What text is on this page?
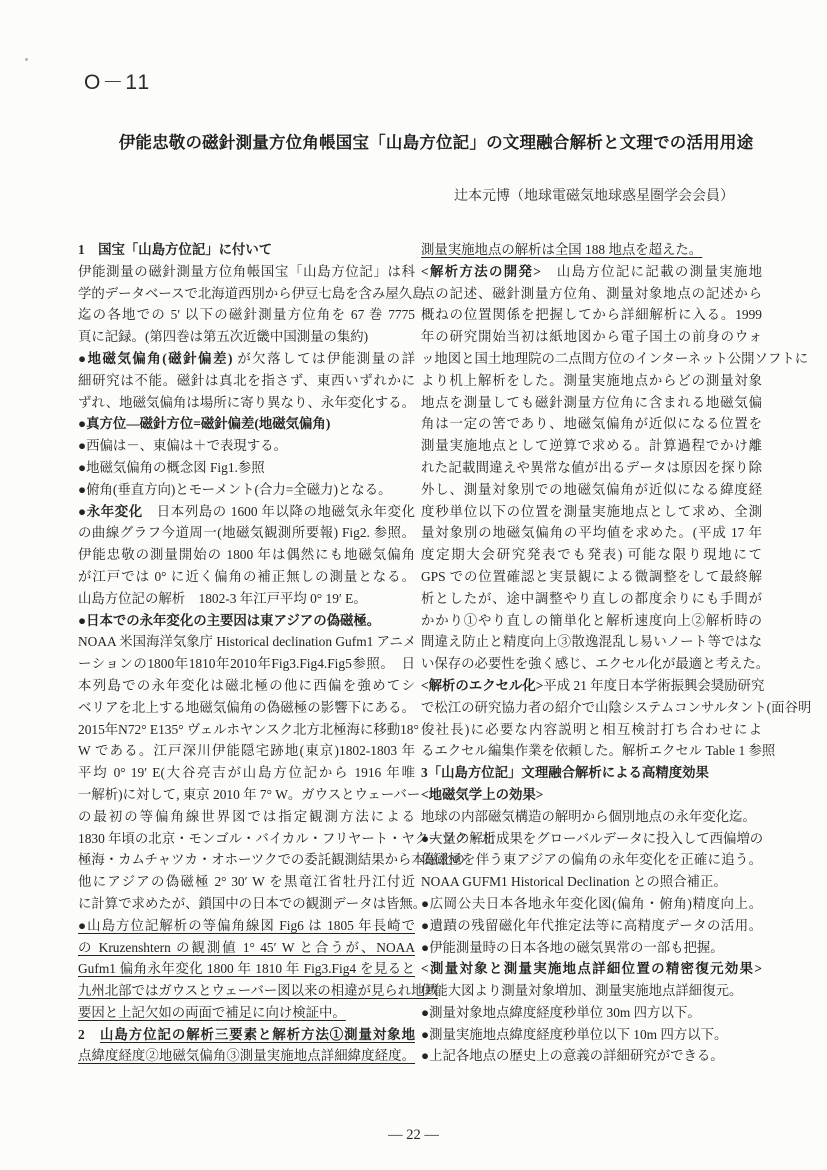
O－11
伊能忠敬の磁針測量方位角帳国宝「山島方位記」の文理融合解析と文理での活用用途
辻本元博（地球電磁気地球惑星圏学会会員）
1　国宝「山島方位記」に付いて
伊能測量の磁針測量方位角帳国宝「山島方位記」は科
学的データベースで北海道西別から伊豆七島を含み屋久島
迄の各地での 5′ 以下の磁針測量方位角を 67 巻 7775
頁に記録。(第四巻は第五次近畿中国測量の集約)
●地磁気偏角(磁針偏差) が欠落しては伊能測量の詳
細研究は不能。磁針は真北を指さず、東西いずれかに
ずれ、地磁気偏角は場所に寄り異なり、永年変化する。
●真方位―磁針方位=磁針偏差(地磁気偏角)
●西偏は－、東偏は＋で表現する。
●地磁気偏角の概念図 Fig1.参照
●俯角(垂直方向)とモーメント(合力=全磁力)となる。
●永年変化　日本列島の 1600 年以降の地磁気永年変化
の曲線グラフ今道周一(地磁気観測所要報) Fig2. 参照。
伊能忠敬の測量開始の 1800 年は偶然にも地磁気偏角
が江戸では 0° に近く偏角の補正無しの測量となる。
山島方位記の解析　1802-3 年江戸平均 0° 19′ E。
●日本での永年変化の主要因は東アジアの偽磁極。
NOAA 米国海洋気象庁 Historical declination Gufm1 アニメ
ーションの1800年1810年2010年Fig3.Fig4.Fig5参照。　日
本列島での永年変化は磁北極の他に西偏を強めてシ
ベリアを北上する地磁気偏角の偽磁極の影響下にある。
2015年N72° E135° ヴェルホヤンスク北方北極海に移動18°
W である。江戸深川伊能隠宅跡地(東京)1802-1803 年
平均 0° 19′ E(大谷亮吉が山島方位記から 1916 年唯
一解析)に対して, 東京 2010 年 7° W。ガウスとウェーバー
の最初の等偏角線世界図では指定観測方法による
1830 年頃の北京・モンゴル・バイカル・フリヤート・ヤクーツク・北
極海・カムチャツカ・オホーツクでの委託観測結果から本磁北の
他にアジアの偽磁極 2° 30′ W を黒竜江省牡丹江付近
に計算で求めたが、鎖国中の日本での観測データは皆無。
●山島方位記解析の等偏角線図 Fig6 は 1805 年長崎で
の Kruzenshtern の観測値 1° 45′ W と合うが、NOAA
Gufm1 偏角永年変化 1800 年 1810 年 Fig3.Fig4 を見ると
九州北部ではガウスとウェーバー図以来の相違が見られ地域
要因と上記欠如の両面で補足に向け検証中。
2　山島方位記の解析三要素と解析方法①測量対象地
点緯度経度②地磁気偏角③測量実施地点詳細緯度経度。
測量実施地点の解析は全国 188 地点を超えた。
<解析方法の開発>　山島方位記に記載の測量実施地
点の記述、磁針測量方位角、測量対象地点の記述から
概ねの位置関係を把握してから詳細解析に入る。1999
年の研究開始当初は紙地図から電子国土の前身のウォ
ッ地図と国土地理院の二点間方位のインターネット公開ソフトに
より机上解析をした。測量実施地点からどの測量対象
地点を測量しても磁針測量方位角に含まれる地磁気偏
角は一定の筈であり、地磁気偏角が近似になる位置を
測量実施地点として逆算で求める。計算過程でかけ離
れた記載間違えや異常な値が出るデータは原因を探り除
外し、測量対象別での地磁気偏角が近似になる緯度経
度秒単位以下の位置を測量実施地点として求め、全測
量対象別の地磁気偏角の平均値を求めた。(平成 17 年
度定期大会研究発表でも発表) 可能な限り現地にて
GPS での位置確認と実景観による微調整をして最終解
析としたが、途中調整やり直しの都度余りにも手間が
かかり①やり直しの簡単化と解析速度向上②解析時の
間違え防止と精度向上③散逸混乱し易いノート等ではな
い保存の必要性を強く感じ、エクセル化が最適と考えた。
<解析のエクセル化>平成 21 年度日本学術振興会奨励研究
で松江の研究協力者の紹介で山陰システムコンサルタント(面谷明
俊社長)に必要な内容説明と相互検討打ち合わせによ
るエクセル編集作業を依頼した。解析エクセル Table 1 参照
3「山島方位記」文理融合解析による高精度効果
<地磁気学上の効果>
地球の内部磁気構造の解明から個別地点の永年変化迄。
●大量の解析成果をグローバルデータに投入して西偏増の
偽磁極を伴う東アジアの偏角の永年変化を正確に追う。
NOAA GUFM1 Historical Declination との照合補正。
●広岡公夫日本各地永年変化図(偏角・俯角)精度向上。
●遺蹟の残留磁化年代推定法等に高精度データの活用。
●伊能測量時の日本各地の磁気異常の一部も把握。
<測量対象と測量実施地点詳細位置の精密復元効果>
伊能大図より測量対象増加、測量実施地点詳細復元。
●測量対象地点緯度経度秒単位 30m 四方以下。
●測量実施地点緯度経度秒単位以下 10m 四方以下。
●上記各地点の歴史上の意義の詳細研究ができる。
— 22 —
